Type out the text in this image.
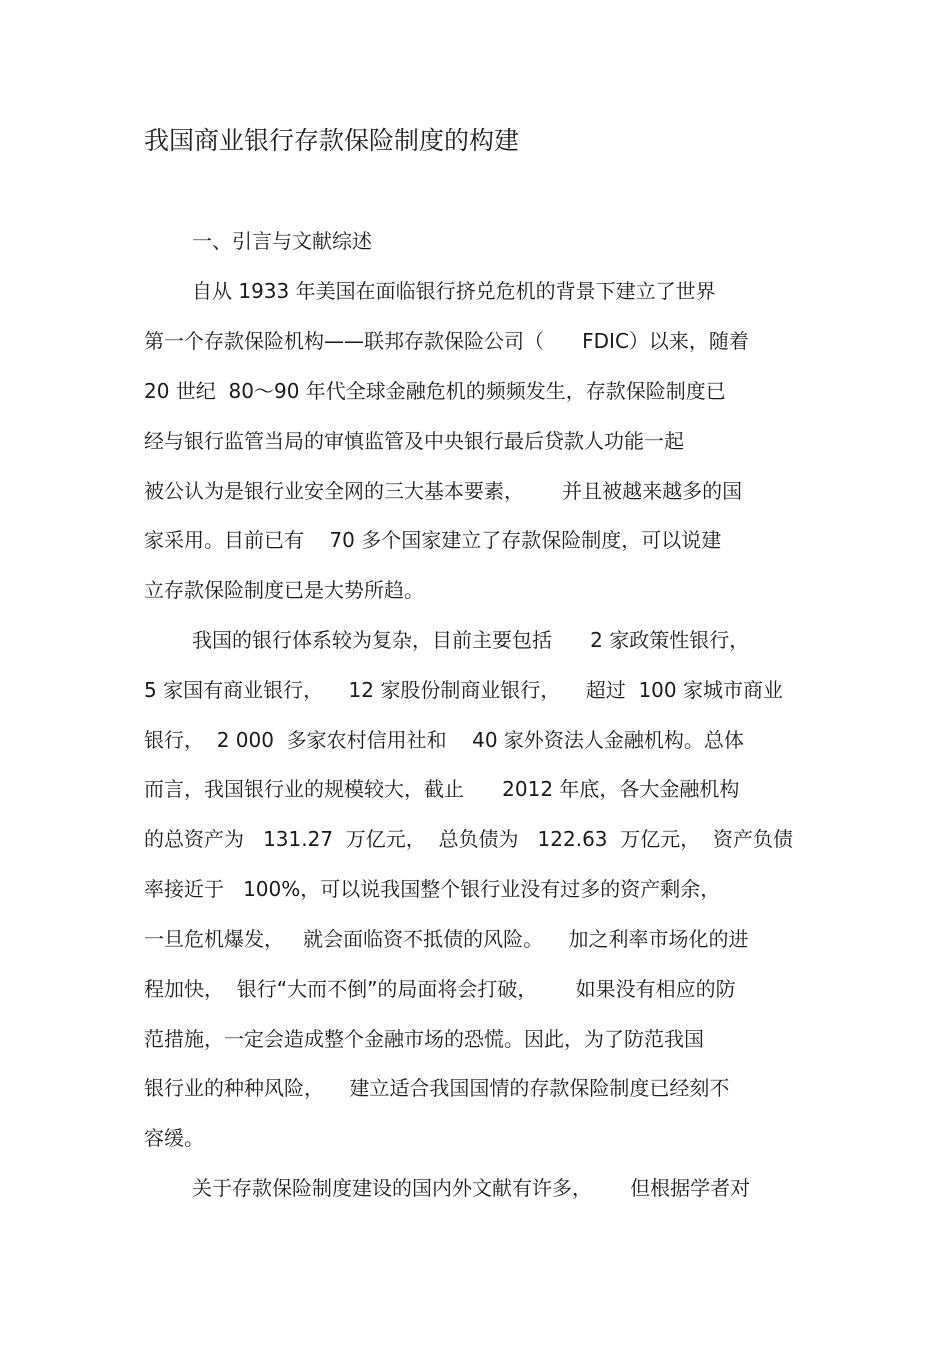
我国商业银行存款保险制度的构建

一、引言与文献综述

自从 1933 年美国在面临银行挤兑危机的背景下建立了世界

第一个存款保险机构——联邦存款保险公司（      FDIC）以来，随着

20 世纪  80～90 年代全球金融危机的频频发生，存款保险制度已

经与银行监管当局的审慎监管及中央银行最后贷款人功能一起

被公认为是银行业安全网的三大基本要素，      并且被越来越多的国

家采用。目前已有    70 多个国家建立了存款保险制度，可以说建

立存款保险制度已是大势所趋。

我国的银行体系较为复杂，目前主要包括      2 家政策性银行，

5 家国有商业银行，    12 家股份制商业银行，    超过  100 家城市商业

银行，  2 000  多家农村信用社和    40 家外资法人金融机构。总体

而言，我国银行业的规模较大，截止      2012 年底，各大金融机构

的总资产为   131.27  万亿元，  总负债为   122.63  万亿元，  资产负债

率接近于   100%，可以说我国整个银行业没有过多的资产剩余，

一旦危机爆发，   就会面临资不抵债的风险。    加之利率市场化的进

程加快，  银行“大而不倒”的局面将会打破，      如果没有相应的防

范措施，一定会造成整个金融市场的恐慌。因此，为了防范我国

银行业的种种风险，    建立适合我国国情的存款保险制度已经刻不

容缓。

关于存款保险制度建设的国内外文献有许多，      但根据学者对
